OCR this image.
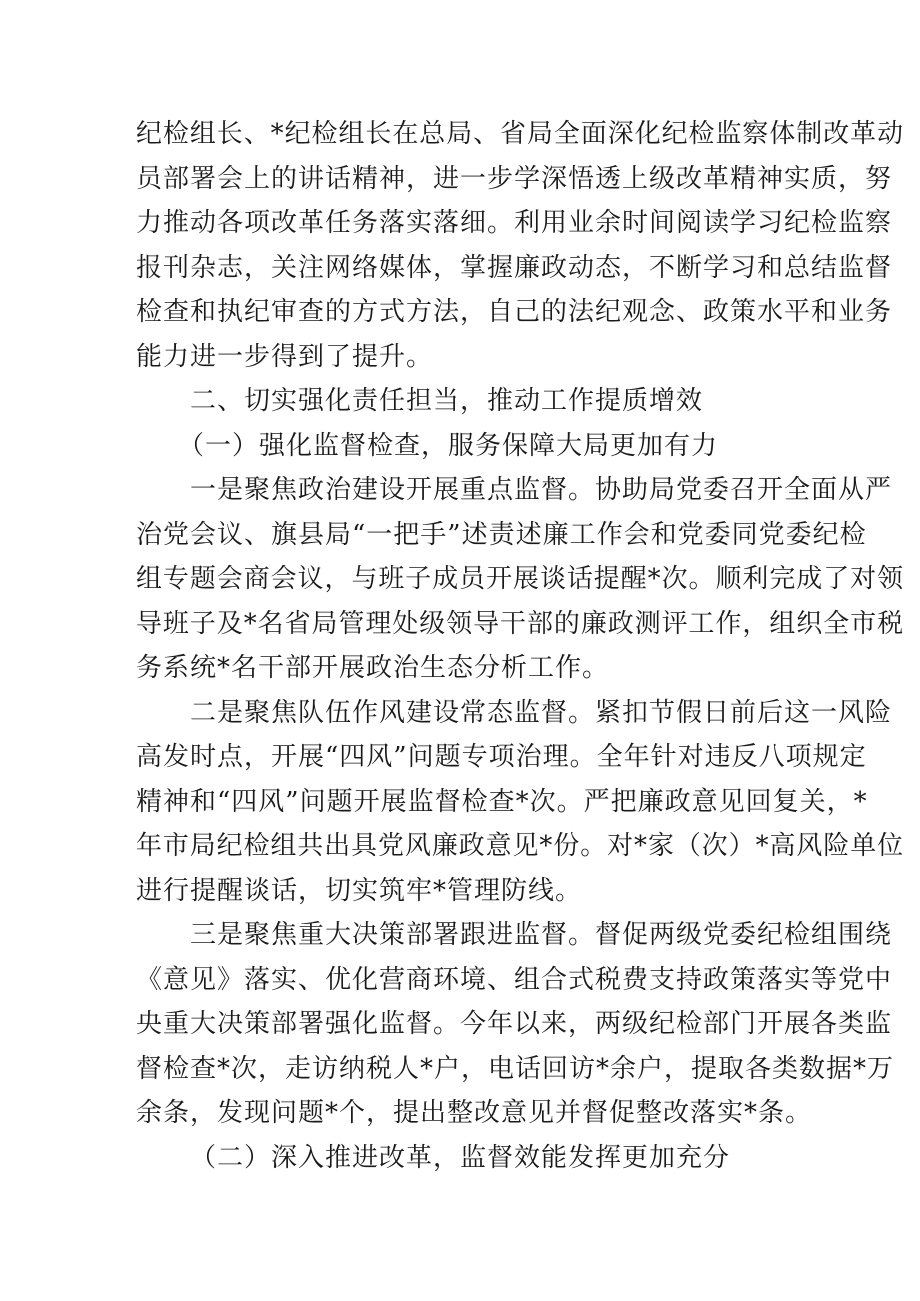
纪检组长、*纪检组长在总局、省局全面深化纪检监察体制改革动
员部署会上的讲话精神，进一步学深悟透上级改革精神实质，努
力推动各项改革任务落实落细。利用业余时间阅读学习纪检监察
报刊杂志，关注网络媒体，掌握廉政动态，不断学习和总结监督
检查和执纪审查的方式方法，自己的法纪观念、政策水平和业务
能力进一步得到了提升。
二、切实强化责任担当，推动工作提质增效
（一）强化监督检查，服务保障大局更加有力
一是聚焦政治建设开展重点监督。协助局党委召开全面从严
治党会议、旗县局“一把手”述责述廉工作会和党委同党委纪检
组专题会商会议，与班子成员开展谈话提醒*次。顺利完成了对领
导班子及*名省局管理处级领导干部的廉政测评工作，组织全市税
务系统*名干部开展政治生态分析工作。
二是聚焦队伍作风建设常态监督。紧扣节假日前后这一风险
高发时点，开展“四风”问题专项治理。全年针对违反八项规定
精神和“四风”问题开展监督检查*次。严把廉政意见回复关，*
年市局纪检组共出具党风廉政意见*份。对*家（次）*高风险单位
进行提醒谈话，切实筑牢*管理防线。
三是聚焦重大决策部署跟进监督。督促两级党委纪检组围绕
《意见》落实、优化营商环境、组合式税费支持政策落实等党中
央重大决策部署强化监督。今年以来，两级纪检部门开展各类监
督检查*次，走访纳税人*户，电话回访*余户，提取各类数据*万
余条，发现问题*个，提出整改意见并督促整改落实*条。
（二）深入推进改革，监督效能发挥更加充分
